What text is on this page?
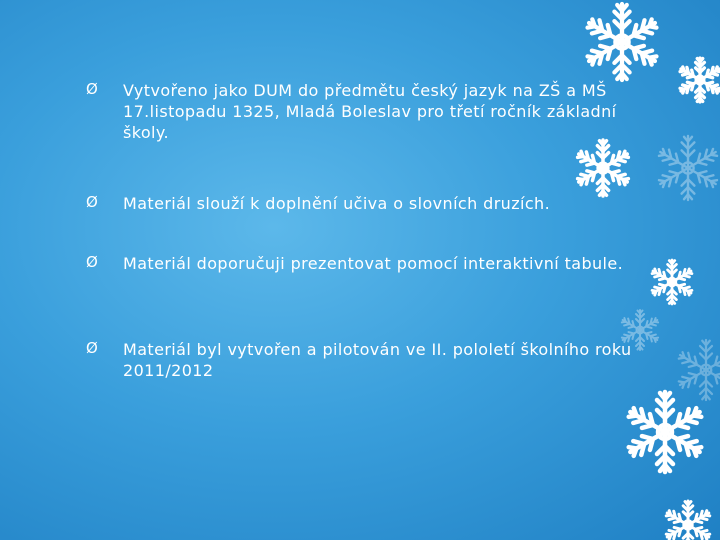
Ø Vytvořeno jako DUM do předmětu český jazyk na ZŠ a MŠ 17.listopadu 1325, Mladá Boleslav pro třetí ročník základní školy.
Ø Materiál slouží k doplnění učiva o slovních druzích.
Ø Materiál doporučuji prezentovat pomocí interaktivní tabule.
Ø Materiál byl vytvořen a pilotován ve II. pololetí školního roku 2011/2012
